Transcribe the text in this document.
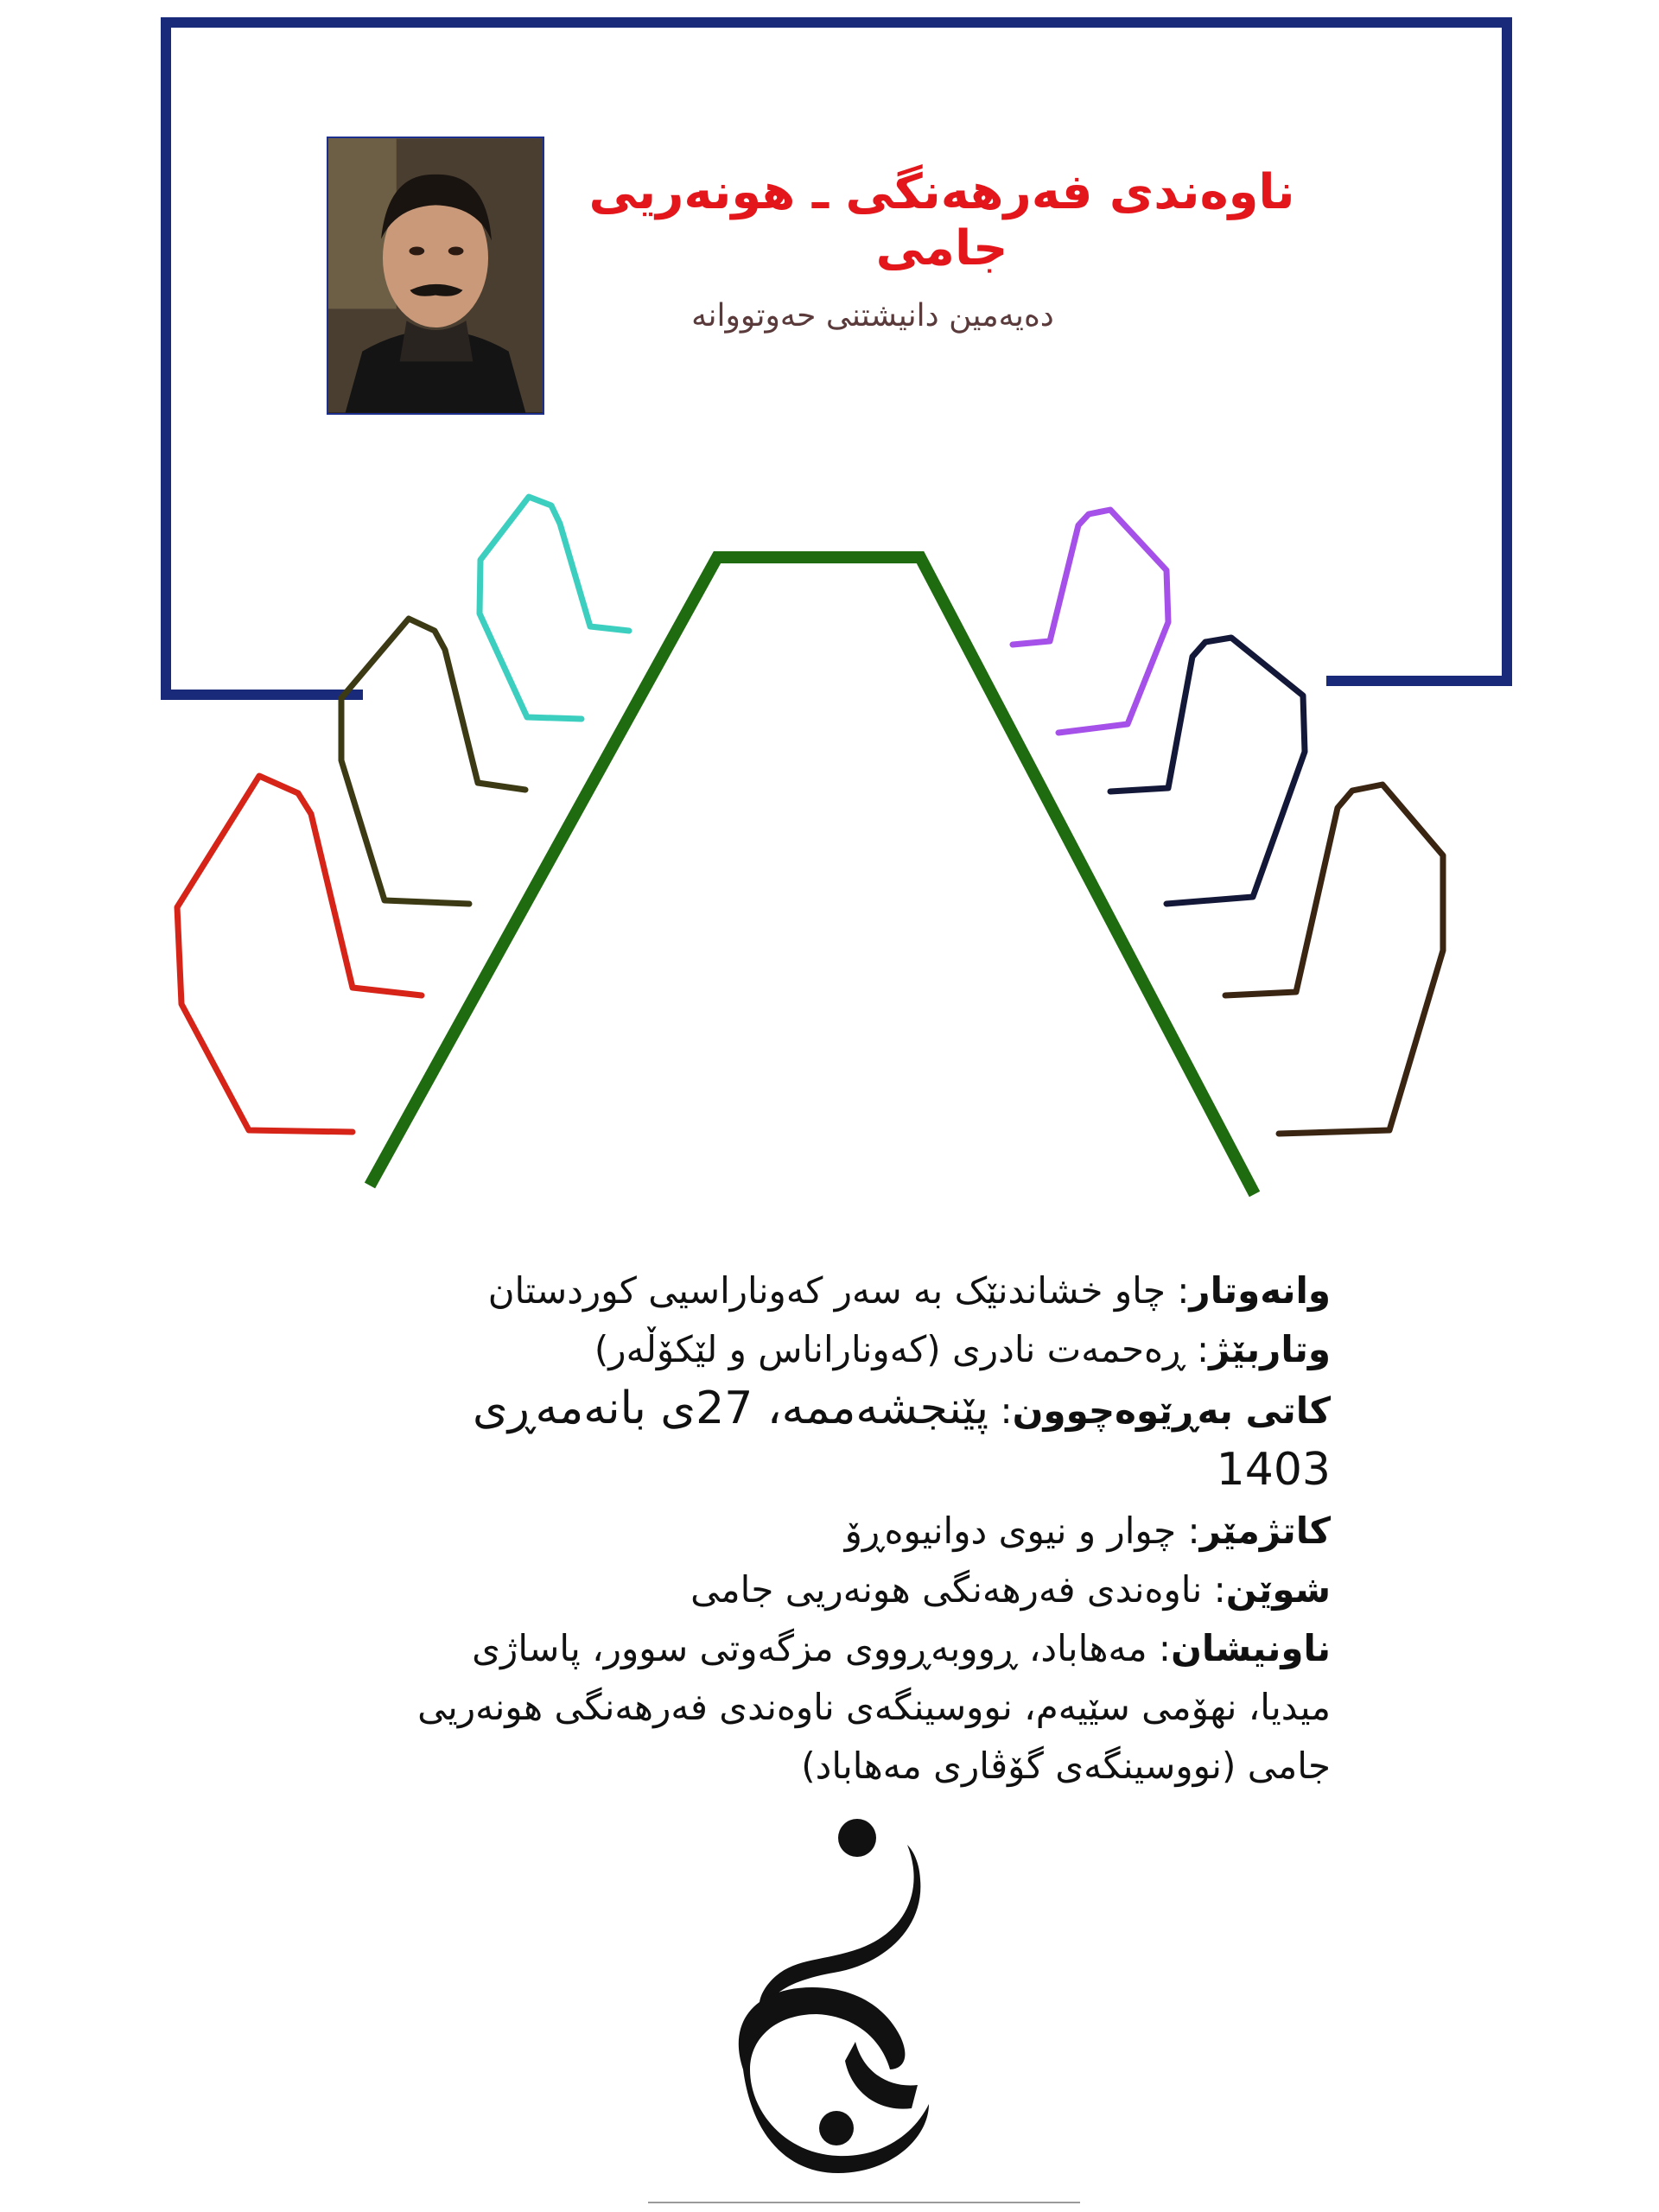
ناوەندی فەرهەنگی ـ هونەریی جامی
دەیەمین دانیشتنی حەوتووانە

وانەوتار: چاو خشاندنێک بە سەر کەوناراسیی کوردستان

وتاربێژ: ڕەحمەت نادری (کەوناراناس و لێکۆڵەر)

کاتی بەڕێوەچوون: پێنجشەممە، 27ی بانەمەڕی 1403

کاتژمێر: چوار و نیوی دوانیوەڕۆ

شوێن: ناوەندی فەرهەنگی هونەریی جامی

ناونیشان: مەهاباد، ڕووبەڕووی مزگەوتی سوور، پاساژی میدیا، نهۆمی سێیەم، نووسینگەی ناوەندی فەرهەنگی هونەریی جامی (نووسینگەی گۆڤاری مەهاباد)
